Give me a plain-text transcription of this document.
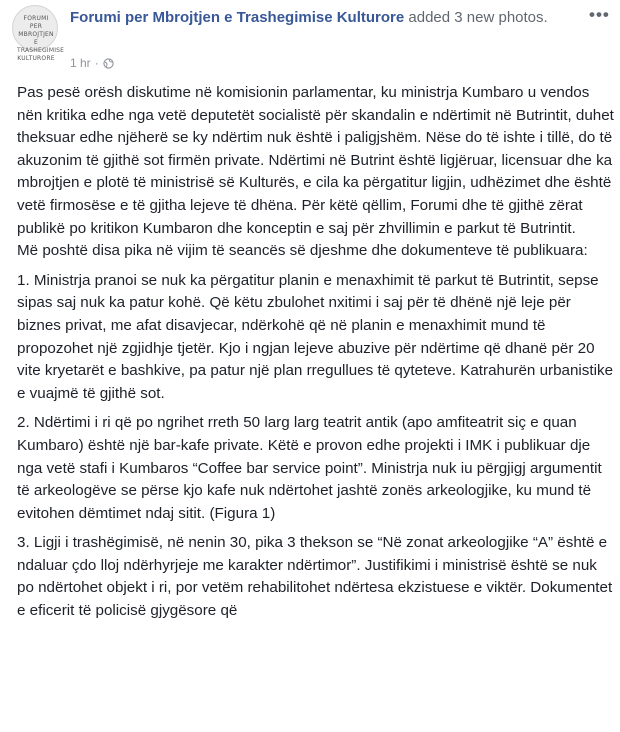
FORUMI PER MBROJTJEN E TRASHEGIMISE KULTURORE
Forumi per Mbrojtjen e Trashegimise Kulturore added 3 new photos.
1 hr ·
•••

Pas pesë orësh diskutime në komisionin parlamentar, ku ministrja Kumbaro u vendos nën kritika edhe nga vetë deputetët socialistë për skandalin e ndërtimit në Butrintit, duhet theksuar edhe njëherë se ky ndërtim nuk është i paligjshëm. Nëse do të ishte i tillë, do të akuzonim të gjithë sot firmën private. Ndërtimi në Butrint është ligjëruar, licensuar dhe ka mbrojtjen e plotë të ministrisë së Kulturës, e cila ka përgatitur ligjin, udhëzimet dhe është vetë firmosëse e të gjitha lejeve të dhëna. Për këtë qëllim, Forumi dhe të gjithë zërat publikë po kritikon Kumbaron dhe konceptin e saj për zhvillimin e parkut të Butrintit.
Më poshtë disa pika në vijim të seancës së djeshme dhe dokumenteve të publikuara:

1. Ministrja pranoi se nuk ka përgatitur planin e menaxhimit të parkut të Butrintit, sepse sipas saj nuk ka patur kohë. Që këtu zbulohet nxitimi i saj për të dhënë një leje për biznes privat, me afat disavjecar, ndërkohë që në planin e menaxhimit mund të propozohet një zgjidhje tjetër. Kjo i ngjan lejeve abuzive për ndërtime që dhanë për 20 vite kryetarët e bashkive, pa patur një plan rregullues të qyteteve. Katrahurën urbanistike e vuajmë të gjithë sot.

2. Ndërtimi i ri që po ngrihet rreth 50 larg larg teatrit antik (apo amfiteatrit siç e quan Kumbaro) është një bar-kafe private. Këtë e provon edhe projekti i IMK i publikuar dje nga vetë stafi i Kumbaros “Coffee bar service point”. Ministrja nuk iu përgjigj argumentit të arkeologëve se përse kjo kafe nuk ndërtohet jashtë zonës arkeologjike, ku mund të evitohen dëmtimet ndaj sitit. (Figura 1)

3. Ligji i trashëgimisë, në nenin 30, pika 3 thekson se “Në zonat arkeologjike “A” është e ndaluar çdo lloj ndërhyrjeje me karakter ndërtimor”. Justifikimi i ministrisë është se nuk po ndërtohet objekt i ri, por vetëm rehabilitohet ndërtesa ekzistuese e viktër. Dokumentet e eficerit të policisë gjygësore që
